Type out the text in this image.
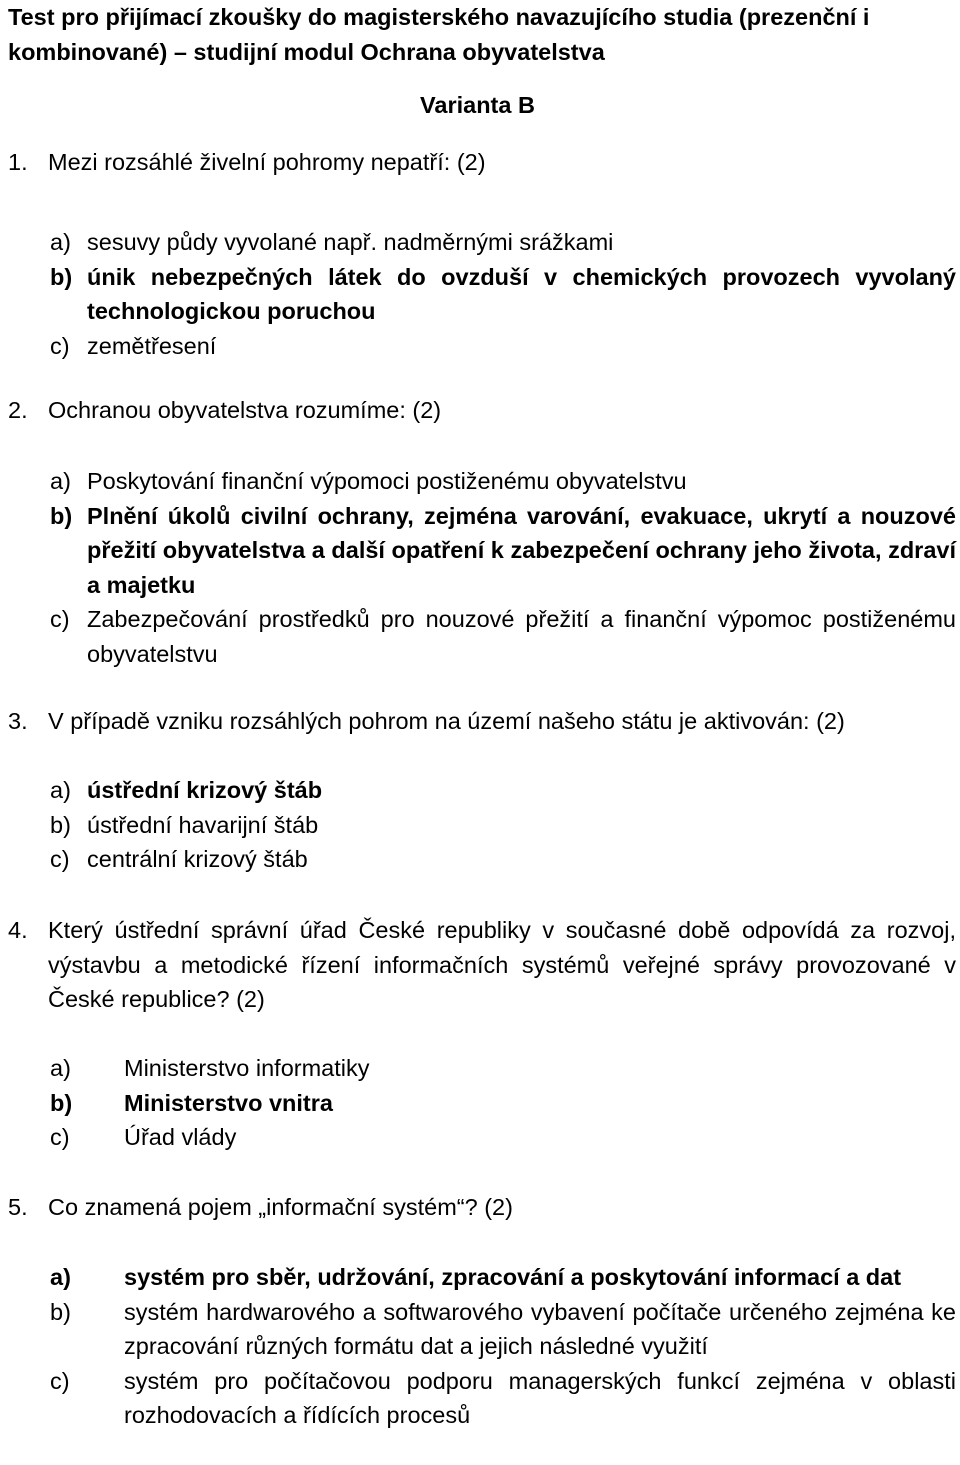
Test pro přijímací zkoušky do magisterského navazujícího studia (prezenční i kombinované) – studijní modul Ochrana obyvatelstva
Varianta B
1. Mezi rozsáhlé živelní pohromy nepatří: (2)
a) sesuvy půdy vyvolané např. nadměrnými srážkami
b) únik nebezpečných látek do ovzduší v chemických provozech vyvolaný technologickou poruchou
c) zemětřesení
2. Ochranou obyvatelstva rozumíme: (2)
a) Poskytování finanční výpomoci postiženému obyvatelstvu
b) Plnění úkolů civilní ochrany, zejména varování, evakuace, ukrytí a nouzové přežití obyvatelstva a další opatření k zabezpečení ochrany jeho života, zdraví a majetku
c) Zabezpečování prostředků pro nouzové přežití a finanční výpomoc postiženému obyvatelstvu
3. V případě vzniku rozsáhlých pohrom na území našeho státu je aktivován: (2)
a) ústřední krizový štáb
b) ústřední havarijní štáb
c) centrální krizový štáb
4. Který ústřední správní úřad České republiky v současné době odpovídá za rozvoj, výstavbu a metodické řízení informačních systémů veřejné správy provozované v České republice? (2)
a) Ministerstvo informatiky
b) Ministerstvo vnitra
c) Úřad vlády
5. Co znamená pojem „informační systém“? (2)
a) systém pro sběr, udržování, zpracování a poskytování informací a dat
b) systém hardwarového a softwarového vybavení počítače určeného zejména ke zpracování různých formátu dat a jejich následné využití
c) systém pro počítačovou podporu managerských funkcí zejména v oblasti rozhodovacích a řídících procesů
